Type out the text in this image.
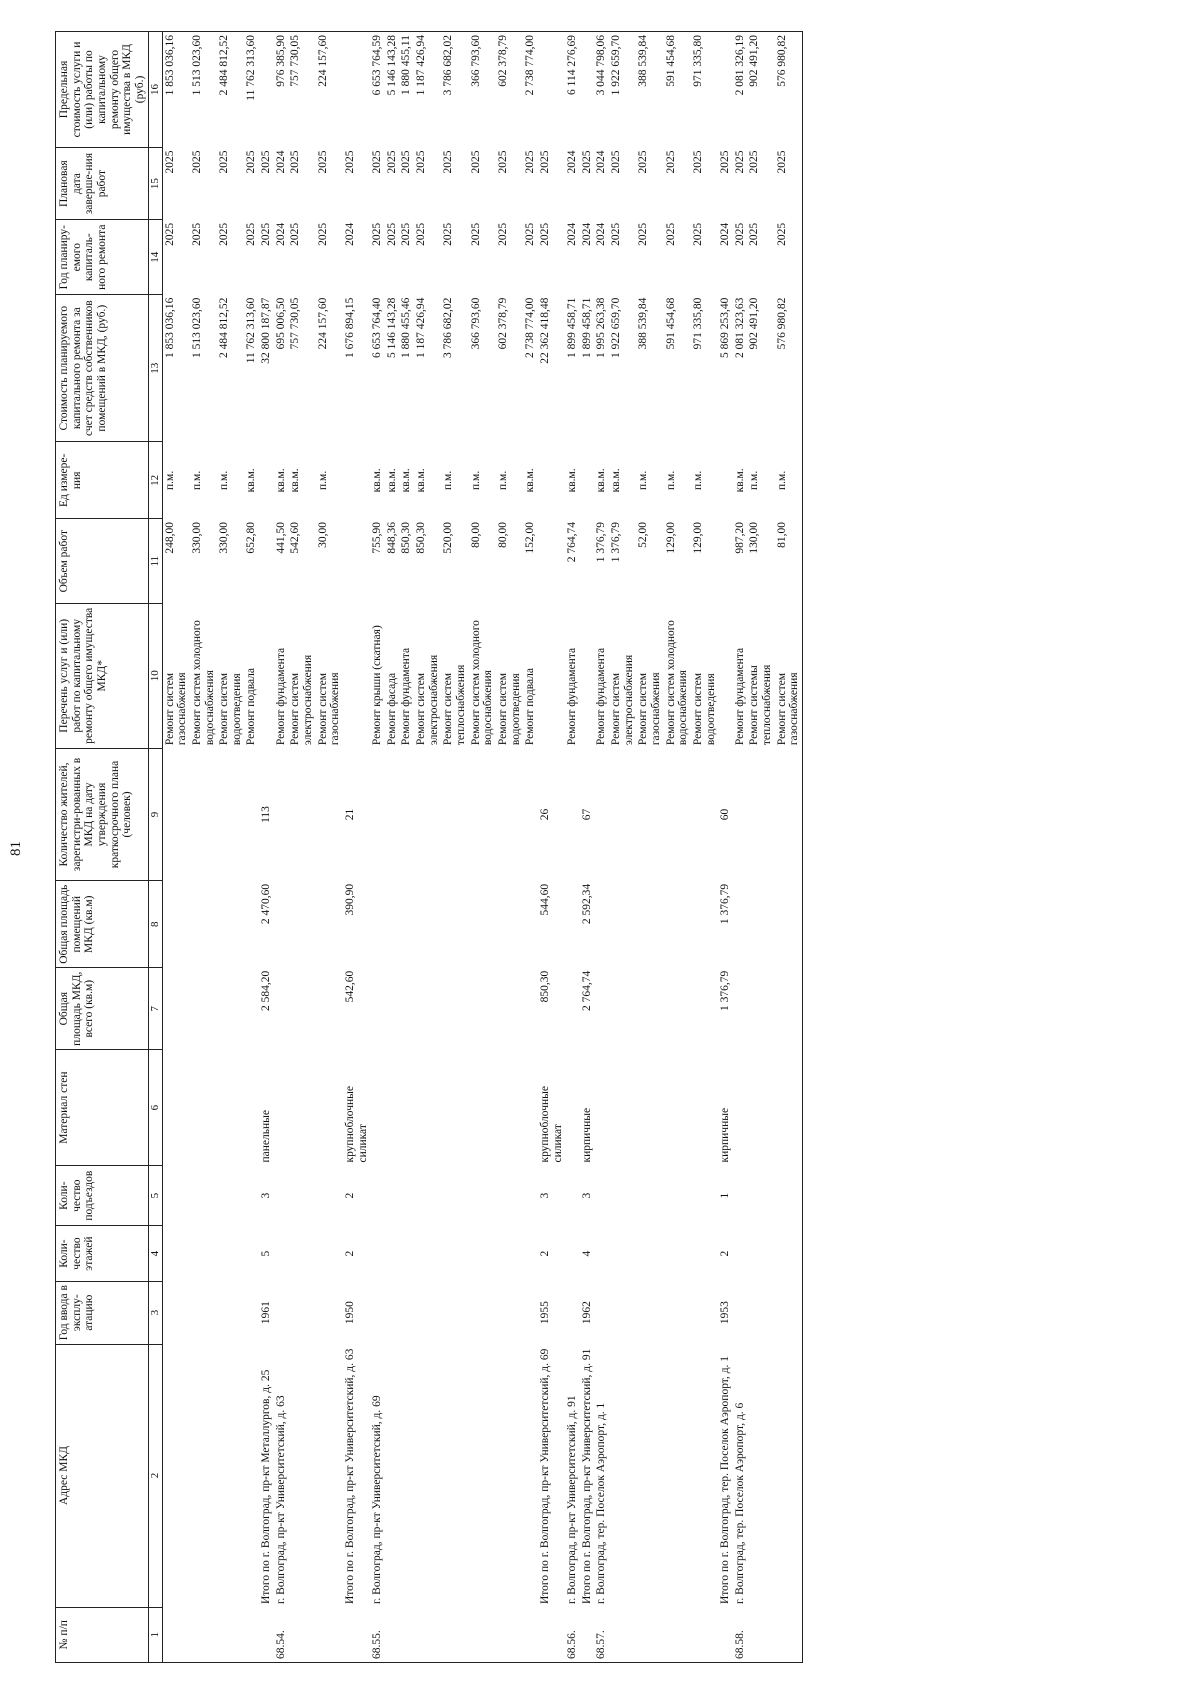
81
№ п/п	Адрес МКД	Год ввода в эксплу-атацию	Коли-чество этажей	Коли-чество подъездов	Материал стен	Общая площадь МКД, всего (кв.м)	Общая площадь помещений МКД (кв.м)	Количество жителей, зарегистри-рованных в МКД на дату утверждения краткосрочного плана (человек)	Перечень услуг и (или) работ по капитальному ремонту общего имущества МКД*	Объем работ	Ед измере-ния	Стоимость планируемого капитального ремонта за счет средств собственников помещений в МКД, (руб.)	Год планиру-емого капиталь-ного ремонта	Плановая дата заверше-ния работ	Предельная стоимость услуги и (или) работы по капитальному ремонту общего имущества в МКД (руб.)
1	2	3	4	5	6	7	8	9	10	11	12	13	14	15	16
									Ремонт систем газоснабжения	248,00	п.м.	1 853 036,16	2025	2025	1 853 036,16
									Ремонт систем холодного водоснабжения	330,00	п.м.	1 513 023,60	2025	2025	1 513 023,60
									Ремонт систем водоотведения	330,00	п.м.	2 484 812,52	2025	2025	2 484 812,52
									Ремонт подвала	652,80	кв.м.	11 762 313,60	2025	2025	11 762 313,60
	Итого по г. Волгоград, пр-кт Металлургов, д. 25	1961	5	3	панельные	2 584,20	2 470,60	113				32 800 187,87	2025	2025	
68.54.	г. Волгоград, пр-кт Университетский, д. 63								Ремонт фундамента	441,50	кв.м.	695 006,50	2024	2024	976 385,90
									Ремонт систем электроснабжения	542,60	кв.м.	757 730,05	2025	2025	757 730,05
									Ремонт систем газоснабжения	30,00	п.м.	224 157,60	2025	2025	224 157,60
	Итого по г. Волгоград, пр-кт Университетский, д. 63	1950	2	2	крупноблочные силикат	542,60	390,90	21				1 676 894,15	2024	2025	
68.55.	г. Волгоград, пр-кт Университетский, д. 69								Ремонт крыши (скатная)	755,90	кв.м.	6 653 764,40	2025	2025	6 653 764,59
									Ремонт фасада	848,36	кв.м.	5 146 143,28	2025	2025	5 146 143,28
									Ремонт фундамента	850,30	кв.м.	1 880 455,46	2025	2025	1 880 455,11
									Ремонт систем электроснабжения	850,30	кв.м.	1 187 426,94	2025	2025	1 187 426,94
									Ремонт систем теплоснабжения	520,00	п.м.	3 786 682,02	2025	2025	3 786 682,02
									Ремонт систем холодного водоснабжения	80,00	п.м.	366 793,60	2025	2025	366 793,60
									Ремонт систем водоотведения	80,00	п.м.	602 378,79	2025	2025	602 378,79
									Ремонт подвала	152,00	кв.м.	2 738 774,00	2025	2025	2 738 774,00
	Итого по г. Волгоград, пр-кт Университетский, д. 69	1955	2	3	крупноблочные силикат	850,30	544,60	26				22 362 418,48	2025	2025	
68.56.	г. Волгоград, пр-кт Университетский, д. 91								Ремонт фундамента	2 764,74	кв.м.	1 899 458,71	2024	2024	6 114 276,69
	Итого по г. Волгоград, пр-кт Университетский, д. 91	1962	4	3	кирпичные	2 764,74	2 592,34	67				1 899 458,71	2024	2025	
68.57.	г. Волгоград, тер. Поселок Аэропорт, д. 1								Ремонт фундамента	1 376,79	кв.м.	1 995 263,38	2024	2024	3 044 798,06
									Ремонт систем электроснабжения	1 376,79	кв.м.	1 922 659,70	2025	2025	1 922 659,70
									Ремонт систем газоснабжения	52,00	п.м.	388 539,84	2025	2025	388 539,84
									Ремонт систем холодного водоснабжения	129,00	п.м.	591 454,68	2025	2025	591 454,68
									Ремонт систем водоотведения	129,00	п.м.	971 335,80	2025	2025	971 335,80
	Итого по г. Волгоград, тер. Поселок Аэропорт, д. 1	1953	2	1	кирпичные	1 376,79	1 376,79	60				5 869 253,40	2024	2025	
68.58.	г. Волгоград, тер. Поселок Аэропорт, д. 6								Ремонт фундамента	987,20	кв.м.	2 081 323,63	2025	2025	2 081 326,19
									Ремонт системы теплоснабжения	130,00	п.м.	902 491,20	2025	2025	902 491,20
									Ремонт систем газоснабжения	81,00	п.м.	576 980,82	2025	2025	576 980,82
